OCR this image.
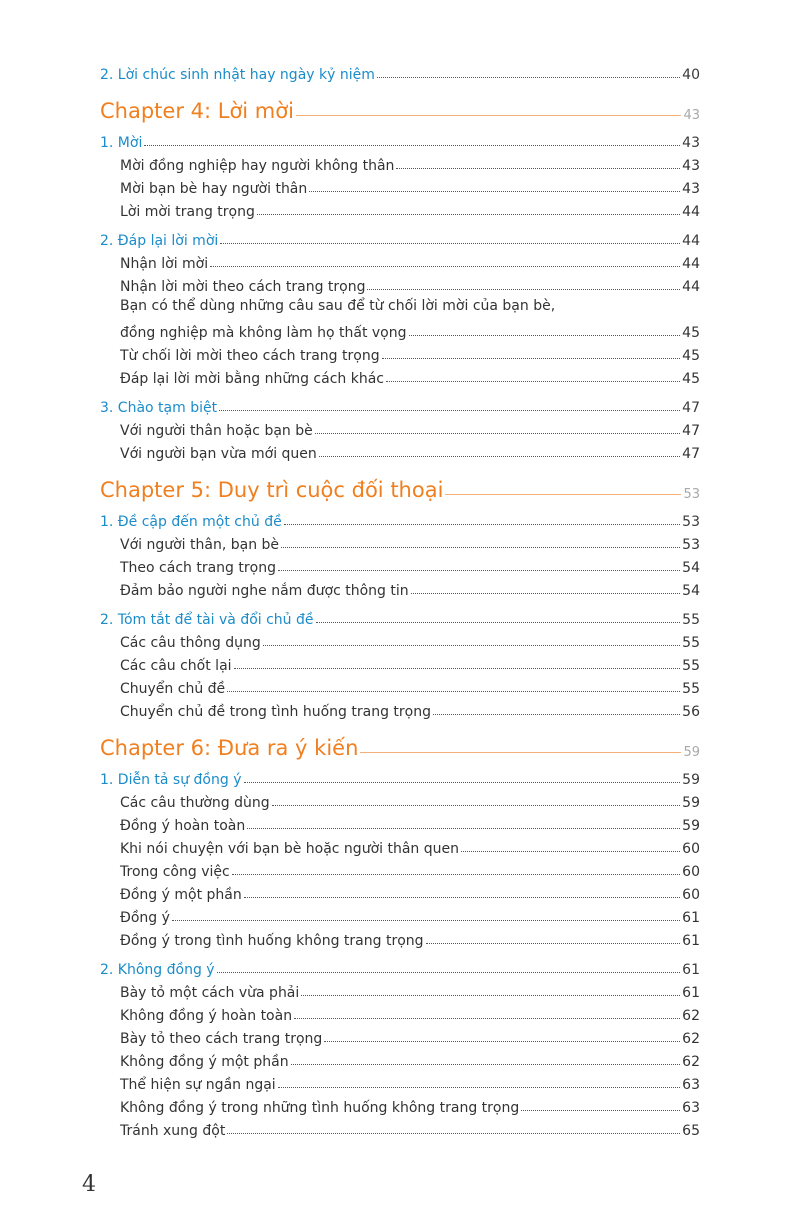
2. Lời chúc sinh nhật hay ngày kỷ niệm	40
Chapter 4: Lời mời	43
1. Mời	43
Mời đồng nghiệp hay người không thân	43
Mời bạn bè hay người thân	43
Lời mời trang trọng	44
2. Đáp lại lời mời	44
Nhận lời mời	44
Nhận lời mời theo cách trang trọng	44
Bạn có thể dùng những câu sau để từ chối lời mời của bạn bè,
đồng nghiệp mà không làm họ thất vọng	45
Từ chối lời mời theo cách trang trọng	45
Đáp lại lời mời bằng những cách khác	45
3. Chào tạm biệt	47
Với người thân hoặc bạn bè	47
Với người bạn vừa mới quen	47
Chapter 5: Duy trì cuộc đối thoại	53
1. Đề cập đến một chủ đề	53
Với người thân, bạn bè	53
Theo cách trang trọng	54
Đảm bảo người nghe nắm được thông tin	54
2. Tóm tắt để tài và đổi chủ đề	55
Các câu thông dụng	55
Các câu chốt lại	55
Chuyển chủ đề	55
Chuyển chủ đề trong tình huống trang trọng	56
Chapter 6: Đưa ra ý kiến	59
1. Diễn tả sự đồng ý	59
Các câu thường dùng	59
Đồng ý hoàn toàn	59
Khi nói chuyện với bạn bè hoặc người thân quen	60
Trong công việc	60
Đồng ý một phần	60
Đồng ý	61
Đồng ý trong tình huống không trang trọng	61
2. Không đồng ý	61
Bày tỏ một cách vừa phải	61
Không đồng ý hoàn toàn	62
Bày tỏ theo cách trang trọng	62
Không đồng ý một phần	62
Thể hiện sự ngần ngại	63
Không đồng ý trong những tình huống không trang trọng	63
Tránh xung đột	65
4
